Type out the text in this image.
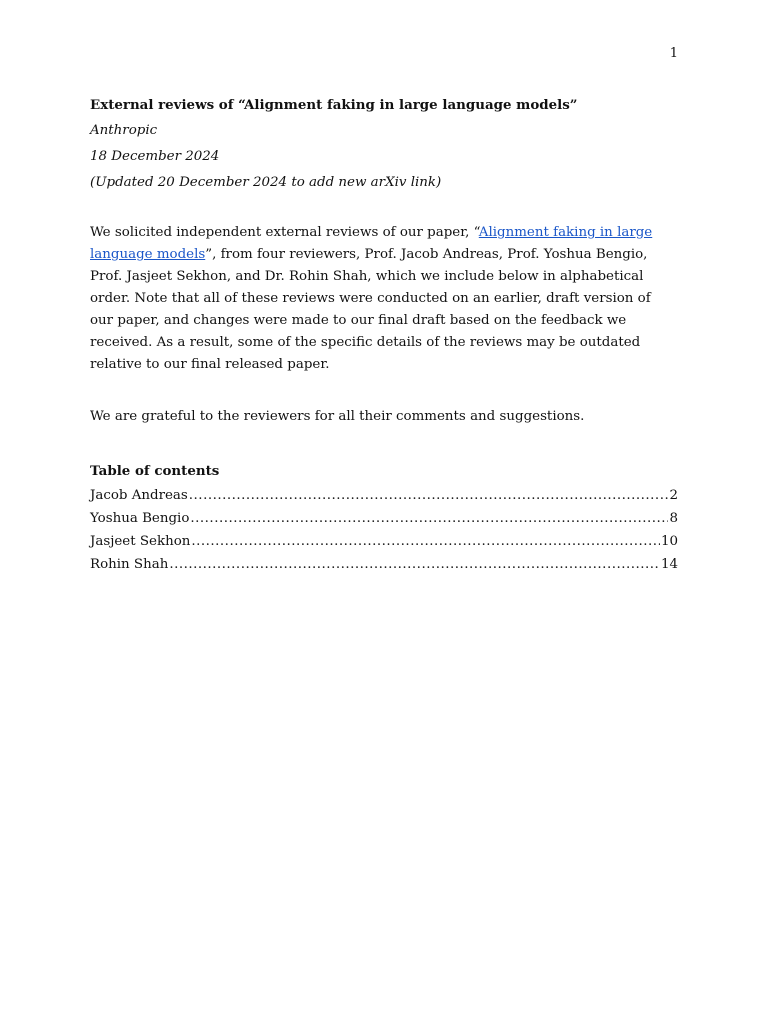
1

External reviews of “Alignment faking in large language models”

Anthropic

18 December 2024

(Updated 20 December 2024 to add new arXiv link)

We solicited independent external reviews of our paper, “Alignment faking in large language models”, from four reviewers, Prof. Jacob Andreas, Prof. Yoshua Bengio, Prof. Jasjeet Sekhon, and Dr. Rohin Shah, which we include below in alphabetical order. Note that all of these reviews were conducted on an earlier, draft version of our paper, and changes were made to our final draft based on the feedback we received. As a result, some of the specific details of the reviews may be outdated relative to our final released paper.

We are grateful to the reviewers for all their comments and suggestions.

Table of contents

Jacob Andreas .....	2
Yoshua Bengio .....	8
Jasjeet Sekhon .....	10
Rohin Shah .....	14
